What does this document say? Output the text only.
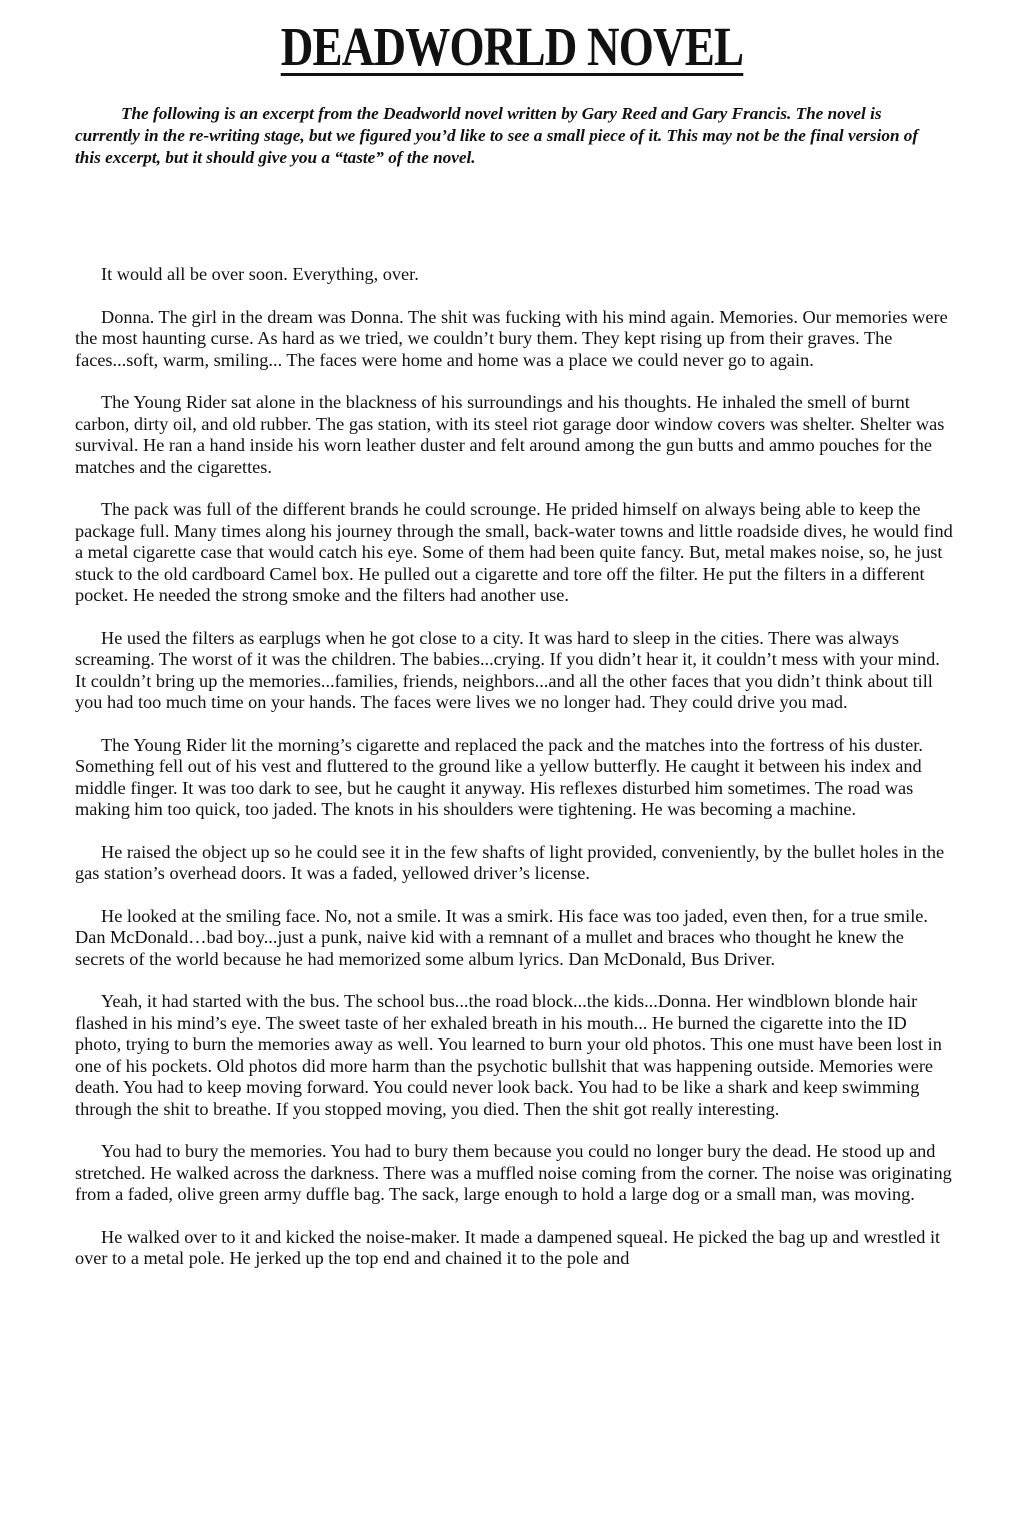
DEADWORLD NOVEL

The following is an excerpt from the Deadworld novel written by Gary Reed and Gary Francis. The novel is currently in the re-writing stage, but we figured you’d like to see a small piece of it. This may not be the final version of this excerpt, but it should give you a “taste” of the novel.

It would all be over soon. Everything, over.

Donna. The girl in the dream was Donna. The shit was fucking with his mind again. Memories. Our memories were the most haunting curse. As hard as we tried, we couldn’t bury them. They kept rising up from their graves. The faces...soft, warm, smiling... The faces were home and home was a place we could never go to again.

The Young Rider sat alone in the blackness of his surroundings and his thoughts. He inhaled the smell of burnt carbon, dirty oil, and old rubber. The gas station, with its steel riot garage door window covers was shelter. Shelter was survival. He ran a hand inside his worn leather duster and felt around among the gun butts and ammo pouches for the matches and the cigarettes.

The pack was full of the different brands he could scrounge. He prided himself on always being able to keep the package full. Many times along his journey through the small, back-water towns and little roadside dives, he would find a metal cigarette case that would catch his eye. Some of them had been quite fancy. But, metal makes noise, so, he just stuck to the old cardboard Camel box. He pulled out a cigarette and tore off the filter. He put the filters in a different pocket. He needed the strong smoke and the filters had another use.

He used the filters as earplugs when he got close to a city. It was hard to sleep in the cities. There was always screaming. The worst of it was the children. The babies...crying. If you didn’t hear it, it couldn’t mess with your mind. It couldn’t bring up the memories...families, friends, neighbors...and all the other faces that you didn’t think about till you had too much time on your hands. The faces were lives we no longer had. They could drive you mad.

The Young Rider lit the morning’s cigarette and replaced the pack and the matches into the fortress of his duster. Something fell out of his vest and fluttered to the ground like a yellow butterfly. He caught it between his index and middle finger. It was too dark to see, but he caught it anyway. His reflexes disturbed him sometimes. The road was making him too quick, too jaded. The knots in his shoulders were tightening. He was becoming a machine.

He raised the object up so he could see it in the few shafts of light provided, conveniently, by the bullet holes in the gas station’s overhead doors. It was a faded, yellowed driver’s license.

He looked at the smiling face. No, not a smile. It was a smirk. His face was too jaded, even then, for a true smile. Dan McDonald…bad boy...just a punk, naive kid with a remnant of a mullet and braces who thought he knew the secrets of the world because he had memorized some album lyrics. Dan McDonald, Bus Driver.

Yeah, it had started with the bus. The school bus...the road block...the kids...Donna. Her windblown blonde hair flashed in his mind’s eye. The sweet taste of her exhaled breath in his mouth... He burned the cigarette into the ID photo, trying to burn the memories away as well. You learned to burn your old photos. This one must have been lost in one of his pockets. Old photos did more harm than the psychotic bullshit that was happening outside. Memories were death. You had to keep moving forward. You could never look back. You had to be like a shark and keep swimming through the shit to breathe. If you stopped moving, you died. Then the shit got really interesting.

You had to bury the memories. You had to bury them because you could no longer bury the dead. He stood up and stretched. He walked across the darkness. There was a muffled noise coming from the corner. The noise was originating from a faded, olive green army duffle bag. The sack, large enough to hold a large dog or a small man, was moving.

He walked over to it and kicked the noise-maker. It made a dampened squeal. He picked the bag up and wrestled it over to a metal pole. He jerked up the top end and chained it to the pole and
